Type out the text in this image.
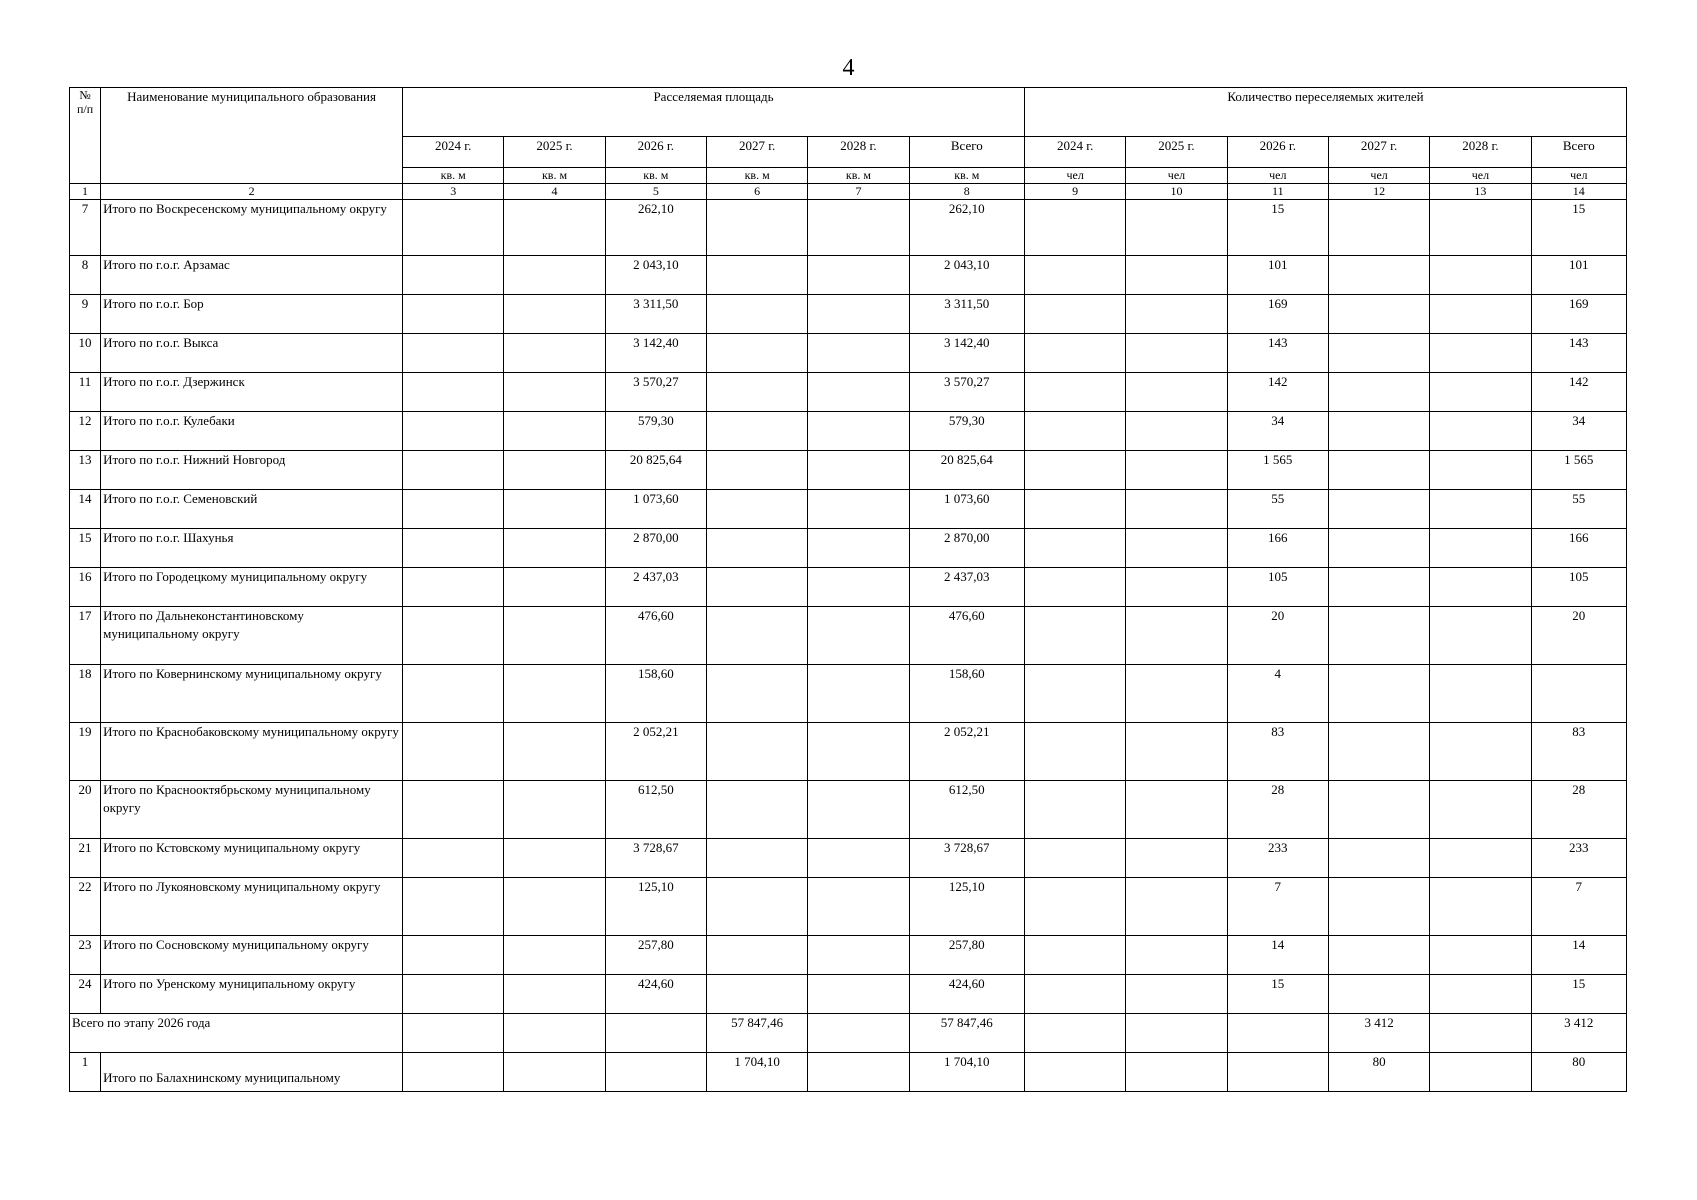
4
№
п/п	Наименование муниципального образования	Расселяемая площадь						Количество переселяемых жителей					
		2024 г.	2025 г.	2026 г.	2027 г.	2028 г.	Всего	2024 г.	2025 г.	2026 г.	2027 г.	2028 г.	Всего
		кв. м	кв. м	кв. м	кв. м	кв. м	кв. м	чел	чел	чел	чел	чел	чел
1	2	3	4	5	6	7	8	9	10	11	12	13	14
7	Итого по Воскресенскому муниципальному округу			262,10			262,10			15			15
8	Итого по г.о.г. Арзамас			2 043,10			2 043,10			101			101
9	Итого по г.о.г. Бор			3 311,50			3 311,50			169			169
10	Итого по г.о.г. Выкса			3 142,40			3 142,40			143			143
11	Итого по г.о.г. Дзержинск			3 570,27			3 570,27			142			142
12	Итого по г.о.г. Кулебаки			579,30			579,30			34			34
13	Итого по г.о.г. Нижний Новгород			20 825,64			20 825,64			1 565			1 565
14	Итого по г.о.г. Семеновский			1 073,60			1 073,60			55			55
15	Итого по г.о.г. Шахунья			2 870,00			2 870,00			166			166
16	Итого по Городецкому муниципальному округу			2 437,03			2 437,03			105			105
17	Итого по Дальнеконстантиновскому муниципальному округу			476,60			476,60			20			20
18	Итого по Ковернинскому муниципальному округу			158,60			158,60			4			
19	Итого по Краснобаковскому муниципальному округу			2 052,21			2 052,21			83			83
20	Итого по Краснооктябрьскому муниципальному округу			612,50			612,50			28			28
21	Итого по Кстовскому муниципальному округу			3 728,67			3 728,67			233			233
22	Итого по Лукояновскому муниципальному округу			125,10			125,10			7			7
23	Итого по Сосновскому муниципальному округу			257,80			257,80			14			14
24	Итого по Уренскому муниципальному округу			424,60			424,60			15			15
Всего по этапу 2026 года					57 847,46		57 847,46				3 412		3 412
1	Итого по Балахнинскому муниципальному				1 704,10		1 704,10				80		80
